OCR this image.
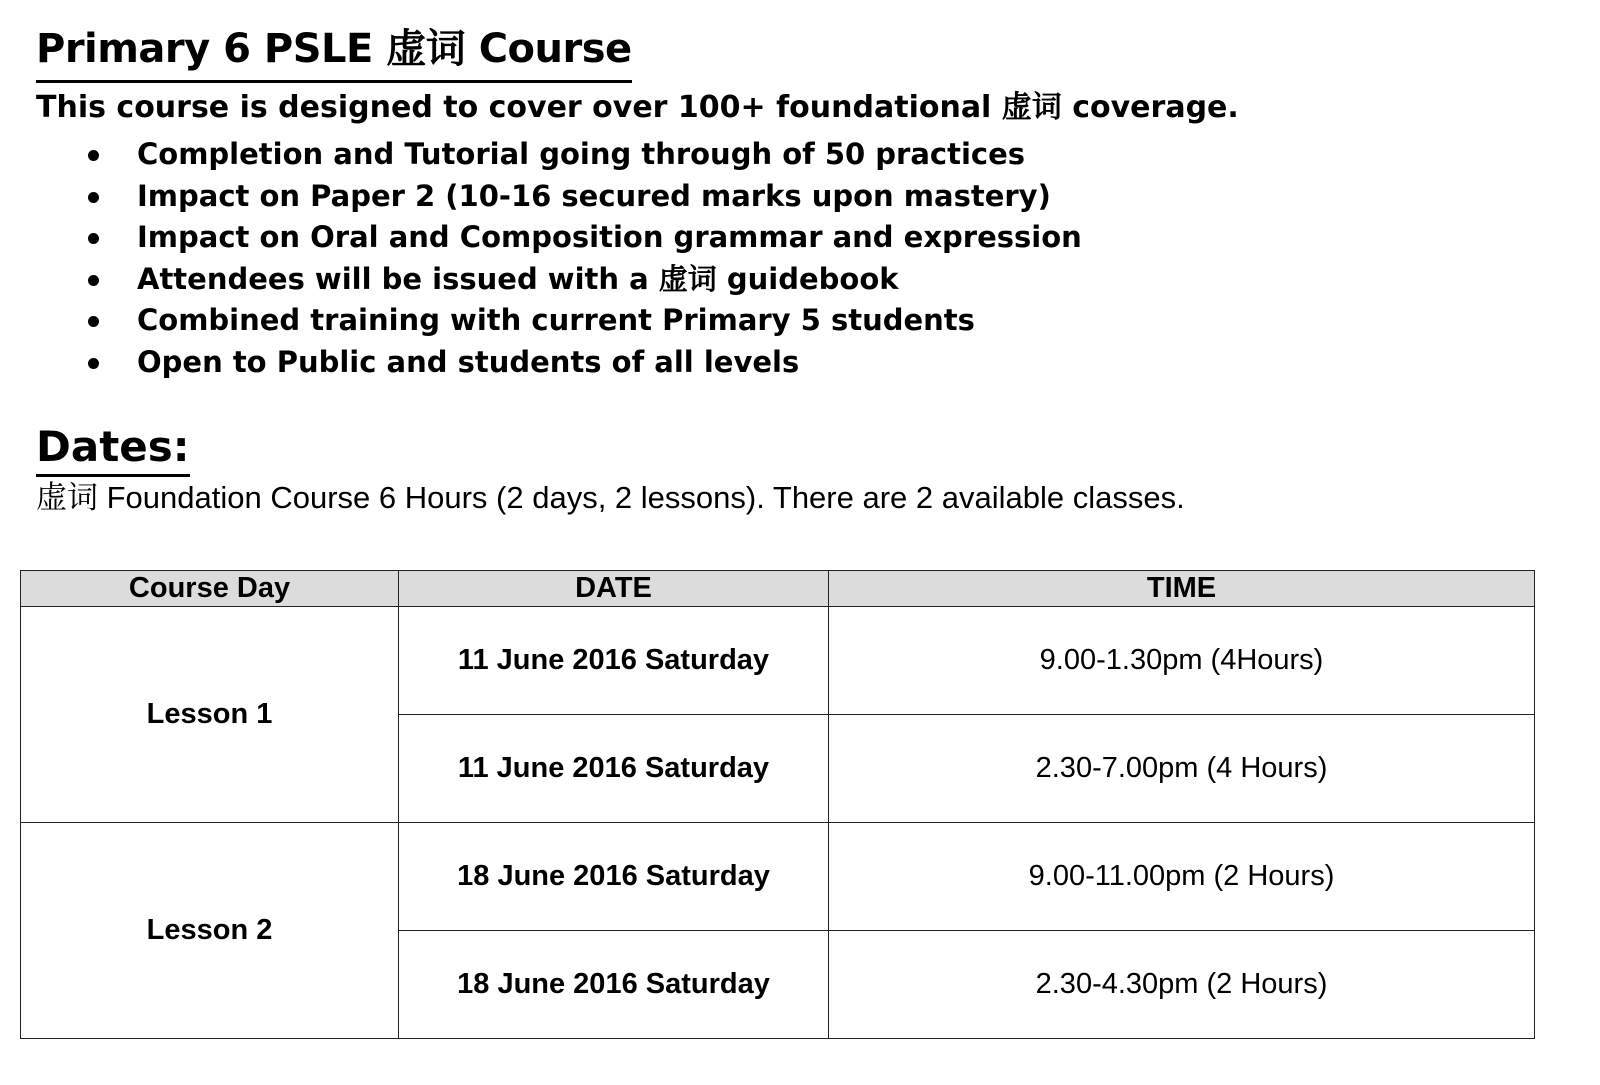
Primary 6 PSLE 虚词 Course

This course is designed to cover over 100+ foundational 虚词 coverage.

Completion and Tutorial going through of 50 practices
Impact on Paper 2 (10-16 secured marks upon mastery)
Impact on Oral and Composition grammar and expression
Attendees will be issued with a 虚词 guidebook
Combined training with current Primary 5 students
Open to Public and students of all levels
Dates:

虚词 Foundation Course 6 Hours (2 days, 2 lessons). There are 2 available classes.

Course Day	DATE	TIME
Lesson 1	11 June 2016 Saturday	9.00-1.30pm (4Hours)
	11 June 2016 Saturday	2.30-7.00pm (4 Hours)
Lesson 2	18 June 2016 Saturday	9.00-11.00pm (2 Hours)
	18 June 2016 Saturday	2.30-4.30pm (2 Hours)
